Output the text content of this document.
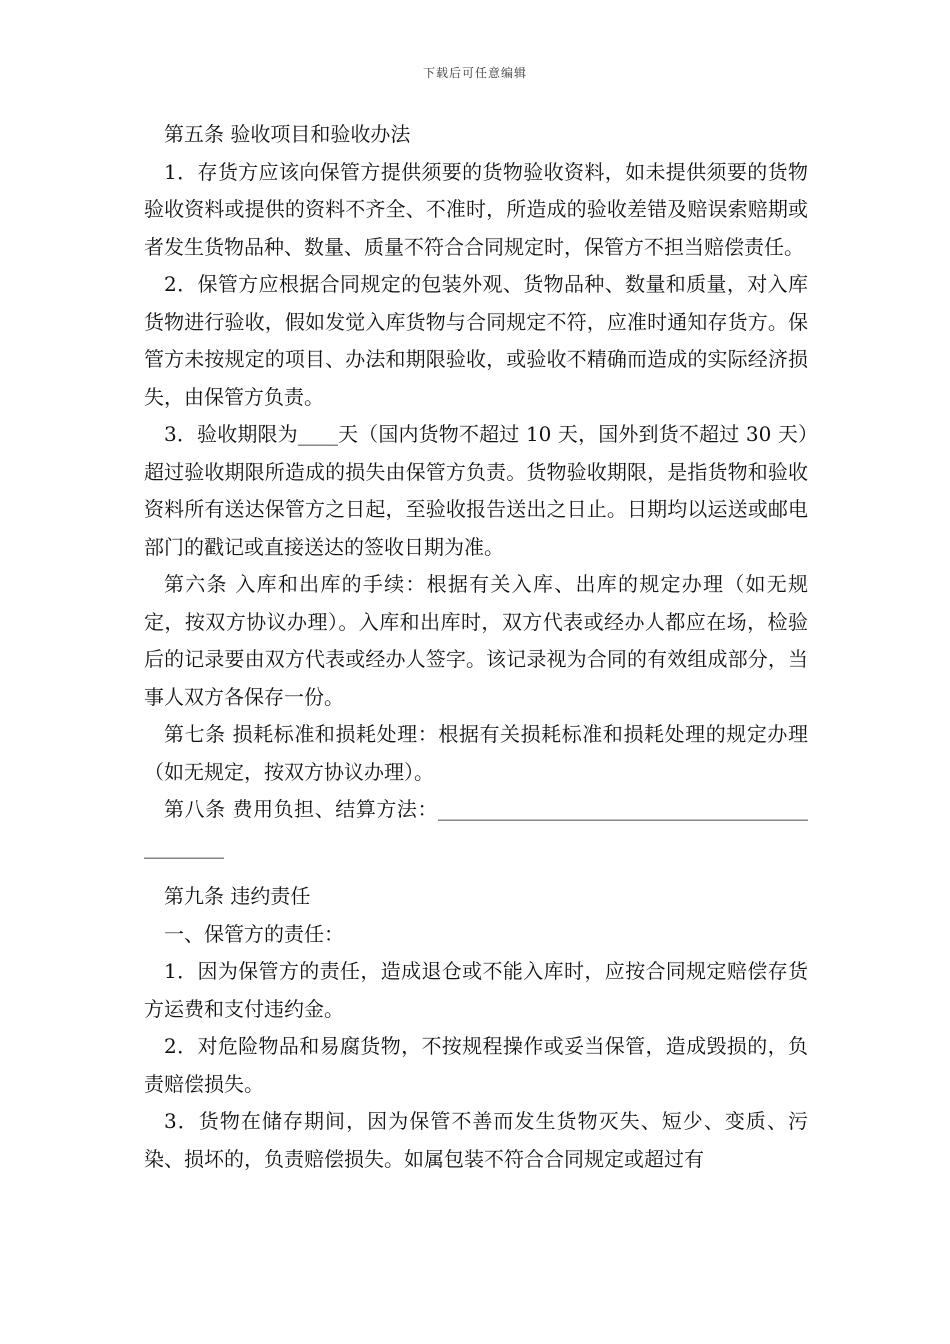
下载后可任意编辑

第五条 验收项目和验收办法

1．存货方应该向保管方提供须要的货物验收资料，如未提供须要的货物验收资料或提供的资料不齐全、不准时，所造成的验收差错及赔误索赔期或者发生货物品种、数量、质量不符合合同规定时，保管方不担当赔偿责任。

2．保管方应根据合同规定的包装外观、货物品种、数量和质量，对入库货物进行验收，假如发觉入库货物与合同规定不符，应准时通知存货方。保管方未按规定的项目、办法和期限验收，或验收不精确而造成的实际经济损失，由保管方负责。

3．验收期限为____天（国内货物不超过 10 天，国外到货不超过 30 天）超过验收期限所造成的损失由保管方负责。货物验收期限，是指货物和验收资料所有送达保管方之日起，至验收报告送出之日止。日期均以运送或邮电部门的戳记或直接送达的签收日期为准。

第六条 入库和出库的手续：根据有关入库、出库的规定办理（如无规定，按双方协议办理）。入库和出库时，双方代表或经办人都应在场，检验后的记录要由双方代表或经办人签字。该记录视为合同的有效组成部分，当事人双方各保存一份。

第七条 损耗标准和损耗处理：根据有关损耗标准和损耗处理的规定办理（如无规定，按双方协议办理）。

第八条 费用负担、结算方法：_____________________________________________

第九条 违约责任

一、保管方的责任：

1．因为保管方的责任，造成退仓或不能入库时，应按合同规定赔偿存货方运费和支付违约金。

2．对危险物品和易腐货物，不按规程操作或妥当保管，造成毁损的，负责赔偿损失。

3．货物在储存期间，因为保管不善而发生货物灭失、短少、变质、污染、损坏的，负责赔偿损失。如属包装不符合合同规定或超过有
